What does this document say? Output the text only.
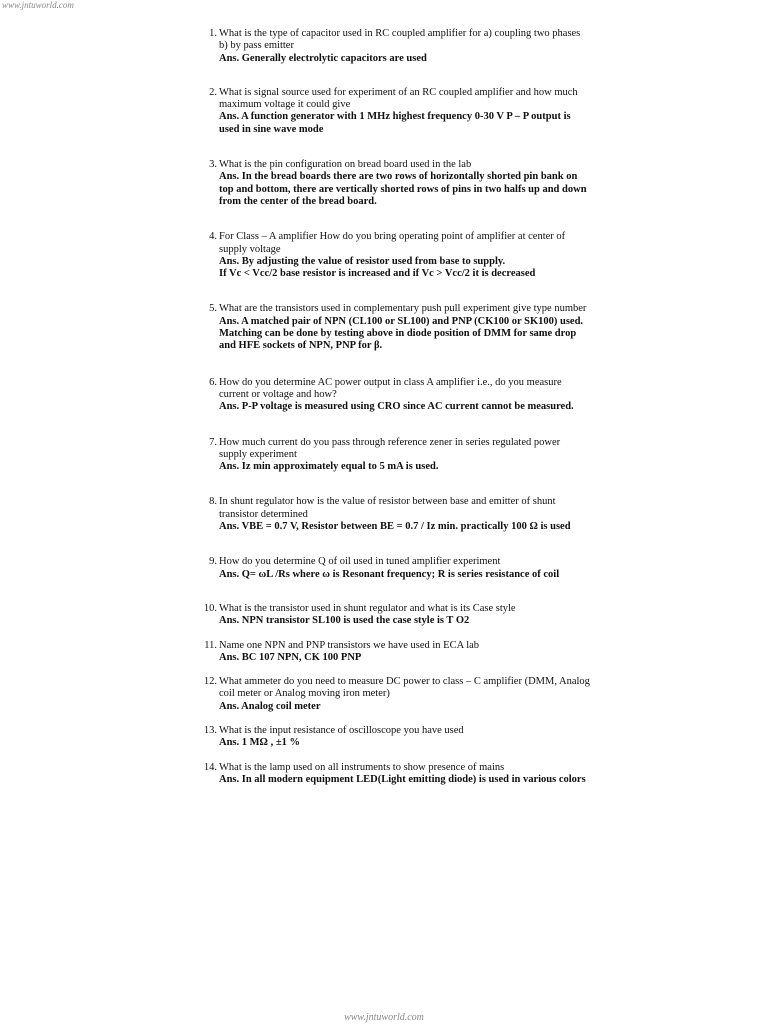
www.jntuworld.com
1. What is the type of capacitor used in RC coupled amplifier for a) coupling two phases b) by pass emitter
Ans. Generally electrolytic capacitors are used
2. What is signal source used for experiment of an RC coupled amplifier and how much maximum voltage it could give
Ans. A function generator with 1 MHz highest frequency 0-30 V P – P output is used in sine wave mode
3. What is the pin configuration on bread board used in the lab
Ans. In the bread boards there are two rows of horizontally shorted pin bank on top and bottom, there are vertically shorted rows of pins in two halfs up and down from the center of the bread board.
4. For Class – A amplifier How do you bring operating point of amplifier at center of supply voltage
Ans. By adjusting the value of resistor used from base to supply.
If Vc < Vcc/2 base resistor is increased and if Vc > Vcc/2 it is decreased
5. What are the transistors used in complementary push pull experiment give type number
Ans. A matched pair of NPN (CL100 or SL100) and PNP (CK100 or SK100) used. Matching can be done by testing above in diode position of DMM for same drop and HFE sockets of NPN, PNP for β.
6. How do you determine AC power output in class A amplifier i.e., do you measure current or voltage and how?
Ans. P-P voltage is measured using CRO since AC current cannot be measured.
7. How much current do you pass through reference zener in series regulated power supply experiment
Ans. Iz min approximately equal to 5 mA is used.
8. In shunt regulator how is the value of resistor between base and emitter of shunt transistor determined
Ans. VBE = 0.7 V, Resistor between BE = 0.7 / Iz min. practically 100 Ω is used
9. How do you determine Q of oil used in tuned amplifier experiment
Ans. Q= ωL /Rs where ω is Resonant frequency; R is series resistance of coil
10. What is the transistor used in shunt regulator and what is its Case style
Ans. NPN transistor SL100 is used the case style is T O2
11. Name one NPN and PNP transistors we have used in ECA lab
Ans. BC 107 NPN, CK 100 PNP
12. What ammeter do you need to measure DC power to class – C amplifier (DMM, Analog coil meter or Analog moving iron meter)
Ans. Analog coil meter
13. What is the input resistance of oscilloscope you have used
Ans. 1 MΩ , ±1 %
14. What is the lamp used on all instruments to show presence of mains
Ans. In all modern equipment LED(Light emitting diode) is used in various colors
www.jntuworld.com
